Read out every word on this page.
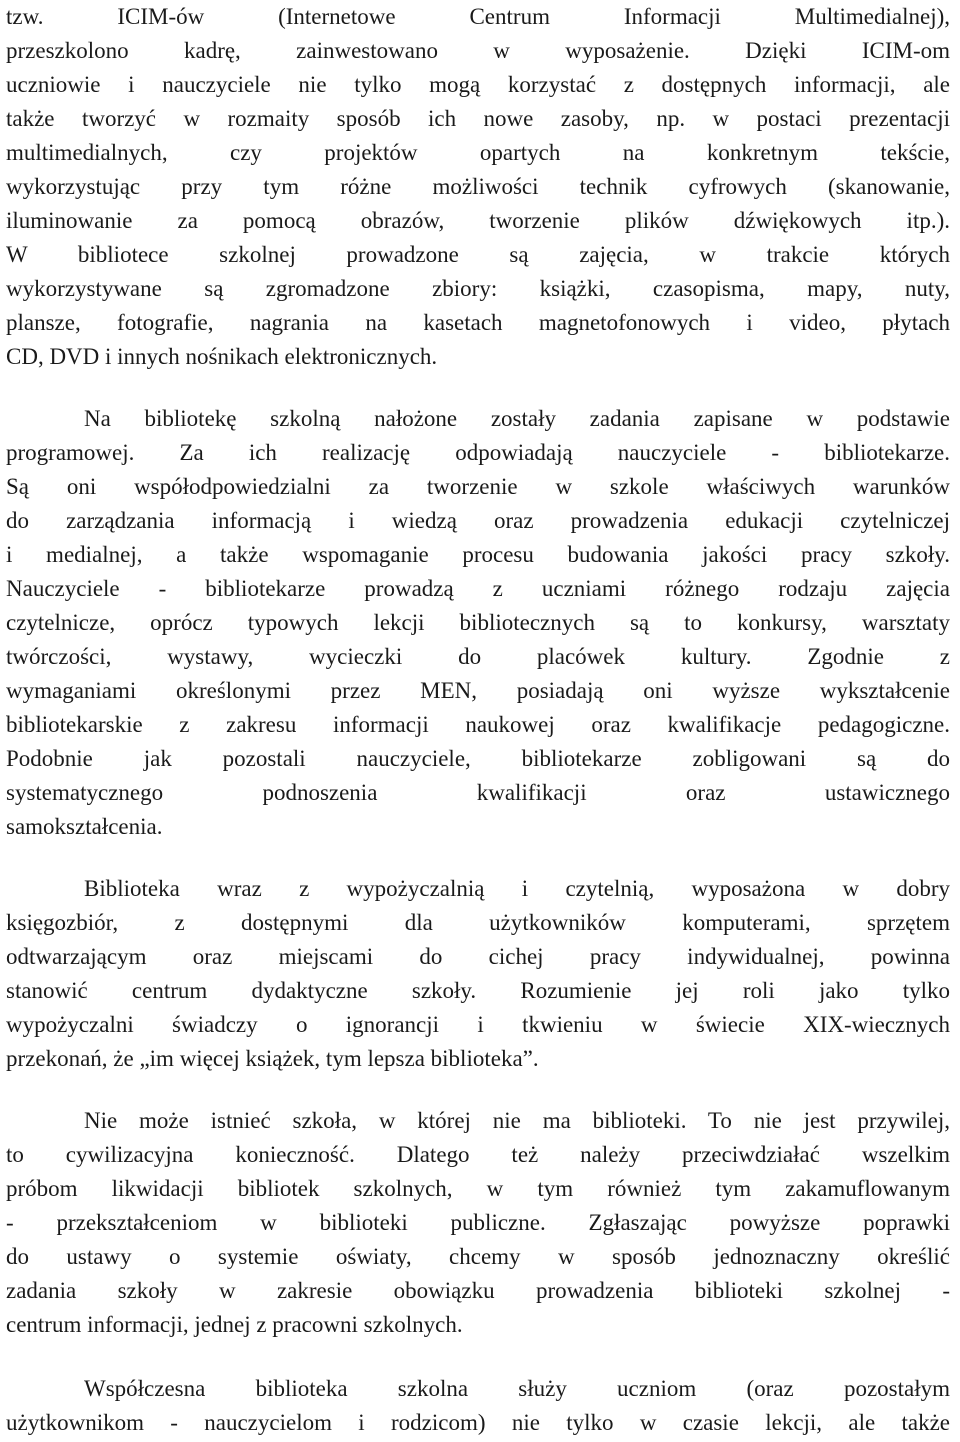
tzw. ICIM-ów (Internetowe Centrum Informacji Multimedialnej),
przeszkolono kadrę, zainwestowano w wyposażenie. Dzięki ICIM-om
uczniowie i nauczyciele nie tylko mogą korzystać z dostępnych informacji, ale
także tworzyć w rozmaity sposób ich nowe zasoby, np. w postaci prezentacji
multimedialnych, czy projektów opartych na konkretnym tekście,
wykorzystując przy tym różne możliwości technik cyfrowych (skanowanie,
iluminowanie za pomocą obrazów, tworzenie plików dźwiękowych itp.).
W bibliotece szkolnej prowadzone są zajęcia, w trakcie których
wykorzystywane są zgromadzone zbiory: książki, czasopisma, mapy, nuty,
plansze, fotografie, nagrania na kasetach magnetofonowych i video, płytach
CD, DVD i innych nośnikach elektronicznych.
Na bibliotekę szkolną nałożone zostały zadania zapisane w podstawie
programowej. Za ich realizację odpowiadają nauczyciele - bibliotekarze.
Są oni współodpowiedzialni za tworzenie w szkole właściwych warunków
do zarządzania informacją i wiedzą oraz prowadzenia edukacji czytelniczej
i medialnej, a także wspomaganie procesu budowania jakości pracy szkoły.
Nauczyciele - bibliotekarze prowadzą z uczniami różnego rodzaju zajęcia
czytelnicze, oprócz typowych lekcji bibliotecznych są to konkursy, warsztaty
twórczości, wystawy, wycieczki do placówek kultury. Zgodnie z
wymaganiami określonymi przez MEN, posiadają oni wyższe wykształcenie
bibliotekarskie z zakresu informacji naukowej oraz kwalifikacje pedagogiczne.
Podobnie jak pozostali nauczyciele, bibliotekarze zobligowani są do
systematycznego podnoszenia kwalifikacji oraz ustawicznego
samokształcenia.
Biblioteka wraz z wypożyczalnią i czytelnią, wyposażona w dobry
księgozbiór, z dostępnymi dla użytkowników komputerami, sprzętem
odtwarzającym oraz miejscami do cichej pracy indywidualnej, powinna
stanowić centrum dydaktyczne szkoły. Rozumienie jej roli jako tylko
wypożyczalni świadczy o ignorancji i tkwieniu w świecie XIX-wiecznych
przekonań, że „im więcej książek, tym lepsza biblioteka”.
Nie może istnieć szkoła, w której nie ma biblioteki. To nie jest przywilej,
to cywilizacyjna konieczność. Dlatego też należy przeciwdziałać wszelkim
próbom likwidacji bibliotek szkolnych, w tym również tym zakamuflowanym
- przekształceniom w biblioteki publiczne. Zgłaszając powyższe poprawki
do ustawy o systemie oświaty, chcemy w sposób jednoznaczny określić
zadania szkoły w zakresie obowiązku prowadzenia biblioteki szkolnej -
centrum informacji, jednej z pracowni szkolnych.
Współczesna biblioteka szkolna służy uczniom (oraz pozostałym
użytkownikom - nauczycielom i rodzicom) nie tylko w czasie lekcji, ale także
